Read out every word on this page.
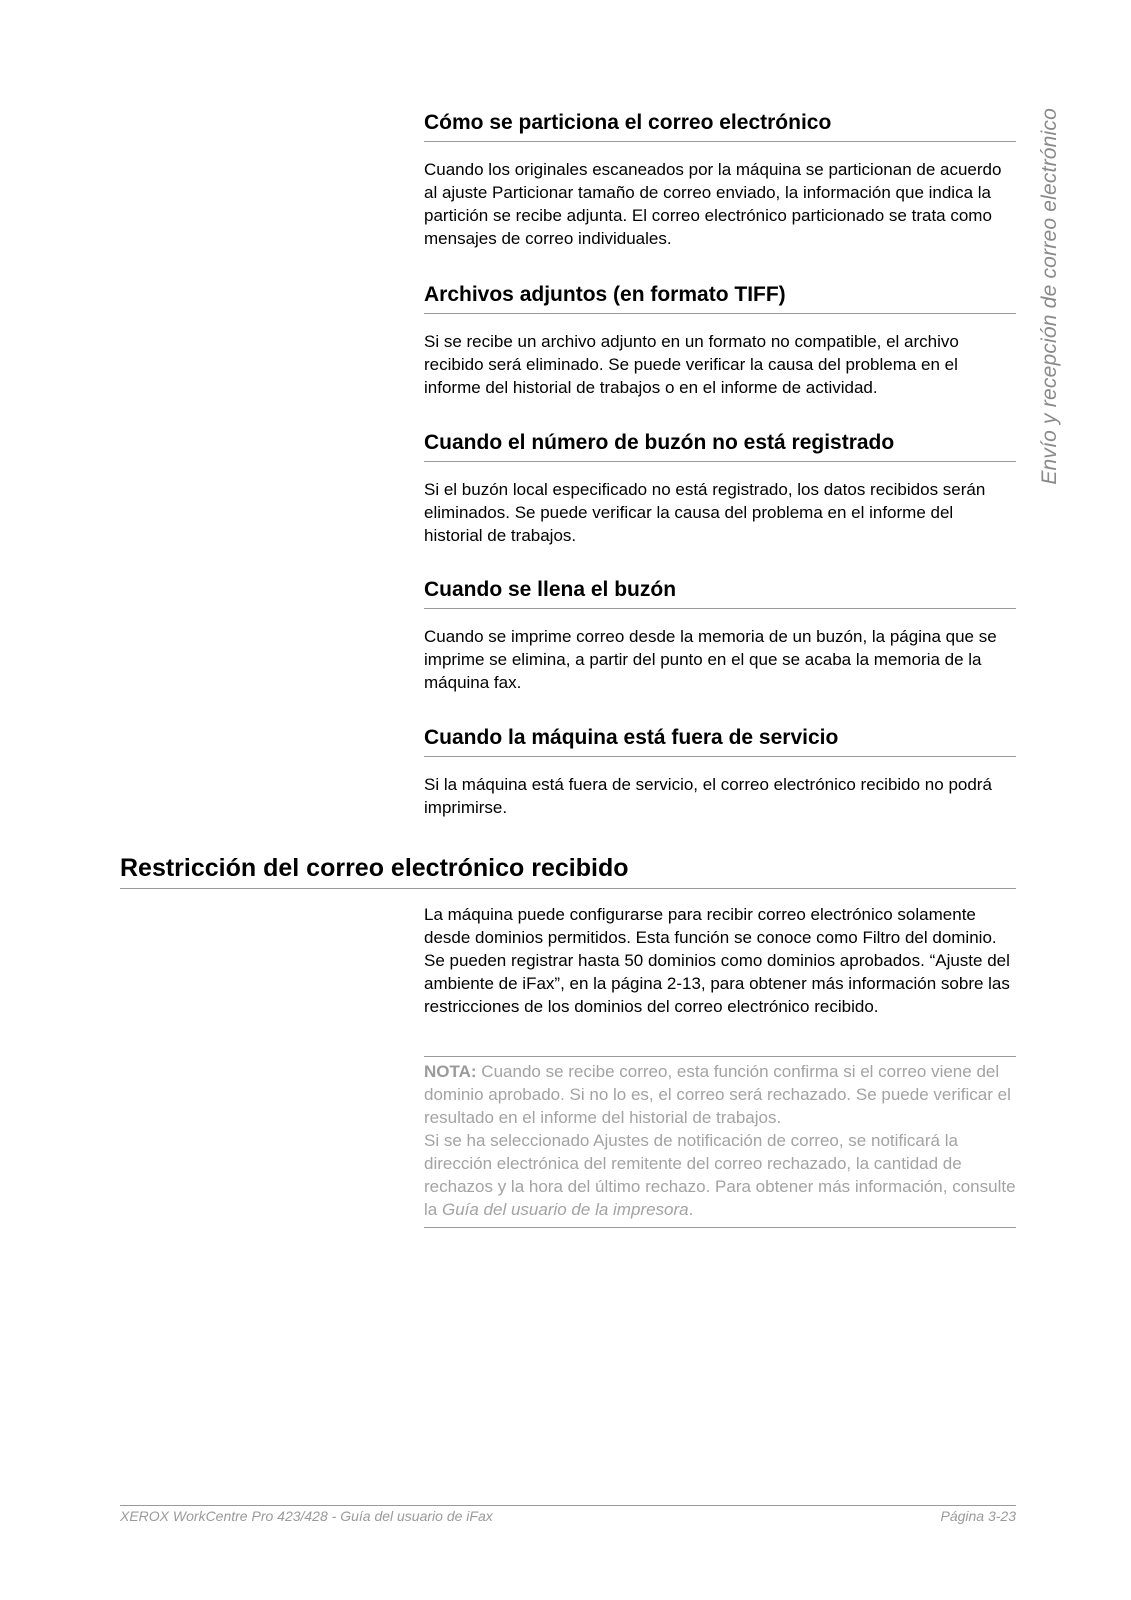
Envío y recepción de correo electrónico
Cómo se particiona el correo electrónico

Cuando los originales escaneados por la máquina se particionan de acuerdo al ajuste Particionar tamaño de correo enviado, la información que indica la partición se recibe adjunta. El correo electrónico particionado se trata como mensajes de correo individuales.

Archivos adjuntos (en formato TIFF)

Si se recibe un archivo adjunto en un formato no compatible, el archivo recibido será eliminado. Se puede verificar la causa del problema en el informe del historial de trabajos o en el informe de actividad.

Cuando el número de buzón no está registrado

Si el buzón local especificado no está registrado, los datos recibidos serán eliminados. Se puede verificar la causa del problema en el informe del historial de trabajos.

Cuando se llena el buzón

Cuando se imprime correo desde la memoria de un buzón, la página que se imprime se elimina, a partir del punto en el que se acaba la memoria de la máquina fax.

Cuando la máquina está fuera de servicio

Si la máquina está fuera de servicio, el correo electrónico recibido no podrá imprimirse.

Restricción del correo electrónico recibido

La máquina puede configurarse para recibir correo electrónico solamente desde dominios permitidos. Esta función se conoce como Filtro del dominio. Se pueden registrar hasta 50 dominios como dominios aprobados. “Ajuste del ambiente de iFax”, en la página 2-13, para obtener más información sobre las restricciones de los dominios del correo electrónico recibido.

NOTA: Cuando se recibe correo, esta función confirma si el correo viene del dominio aprobado. Si no lo es, el correo será rechazado. Se puede verificar el resultado en el informe del historial de trabajos.

Si se ha seleccionado Ajustes de notificación de correo, se notificará la dirección electrónica del remitente del correo rechazado, la cantidad de rechazos y la hora del último rechazo. Para obtener más información, consulte la Guía del usuario de la impresora.

XEROX WorkCentre Pro 423/428 - Guía del usuario de iFax	Página 3-23
